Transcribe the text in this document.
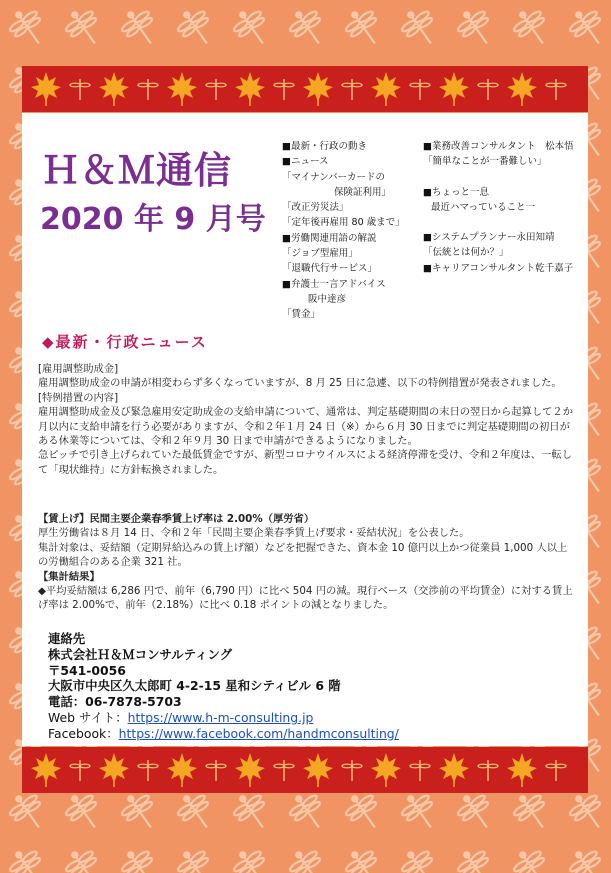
Ｈ＆Ｍ通信
2020 年 9 月号
■最新・行政の動き
■ニュース
「マイナンバーカードの
保険証利用」
「改正労災法」
「定年後再雇用 80 歳まで」
■労働関連用語の解説
「ジョブ型雇用」
「退職代行サービス」
■弁護士一言アドバイス
阪中達彦
「賃金」
■業務改善コンサルタント　松本悟
「簡単なことが一番難しい」
■ちょっと一息
最近ハマっていること一
■システムプランナー永田知靖
「伝統とは何か？」
■キャリアコンサルタント乾千嘉子
◆最新・行政ニュース

[雇用調整助成金]

雇用調整助成金の申請が相変わらず多くなっていますが、8 月 25 日に急遽、以下の特例措置が発表されました。

[特例措置の内容]

雇用調整助成金及び緊急雇用安定助成金の支給申請について、通常は、判定基礎期間の末日の翌日から起算して２か月以内に支給申請を行う必要がありますが、令和２年１月 24 日（※）から６月 30 日までに判定基礎期間の初日がある休業等については、令和２年９月 30 日まで申請ができるようになりました。

急ピッチで引き上げられていた最低賃金ですが、新型コロナウイルスによる経済停滞を受け、令和２年度は、一転して「現状維持」に方針転換されました。

【賃上げ】民間主要企業春季賃上げ率は 2.00%（厚労省）

厚生労働省は８月 14 日、令和２年「民間主要企業春季賃上げ要求・妥結状況」を公表した。

集計対象は、妥結額（定期昇給込みの賃上げ額）などを把握できた、資本金 10 億円以上かつ従業員 1,000 人以上の労働組合のある企業 321 社。

【集計結果】

◆平均妥結額は 6,286 円で、前年（6,790 円）に比べ 504 円の減。現行ベース（交渉前の平均賃金）に対する賃上げ率は 2.00%で、前年（2.18%）に比べ 0.18 ポイントの減となりました。

連絡先
株式会社Ｈ＆Ｍコンサルティング
〒541-0056
大阪市中央区久太郎町 4-2-15 星和シティビル 6 階
電話：06-7878-5703
Web サイト：https://www.h-m-consulting.jp
Facebook：https://www.facebook.com/handmconsulting/
